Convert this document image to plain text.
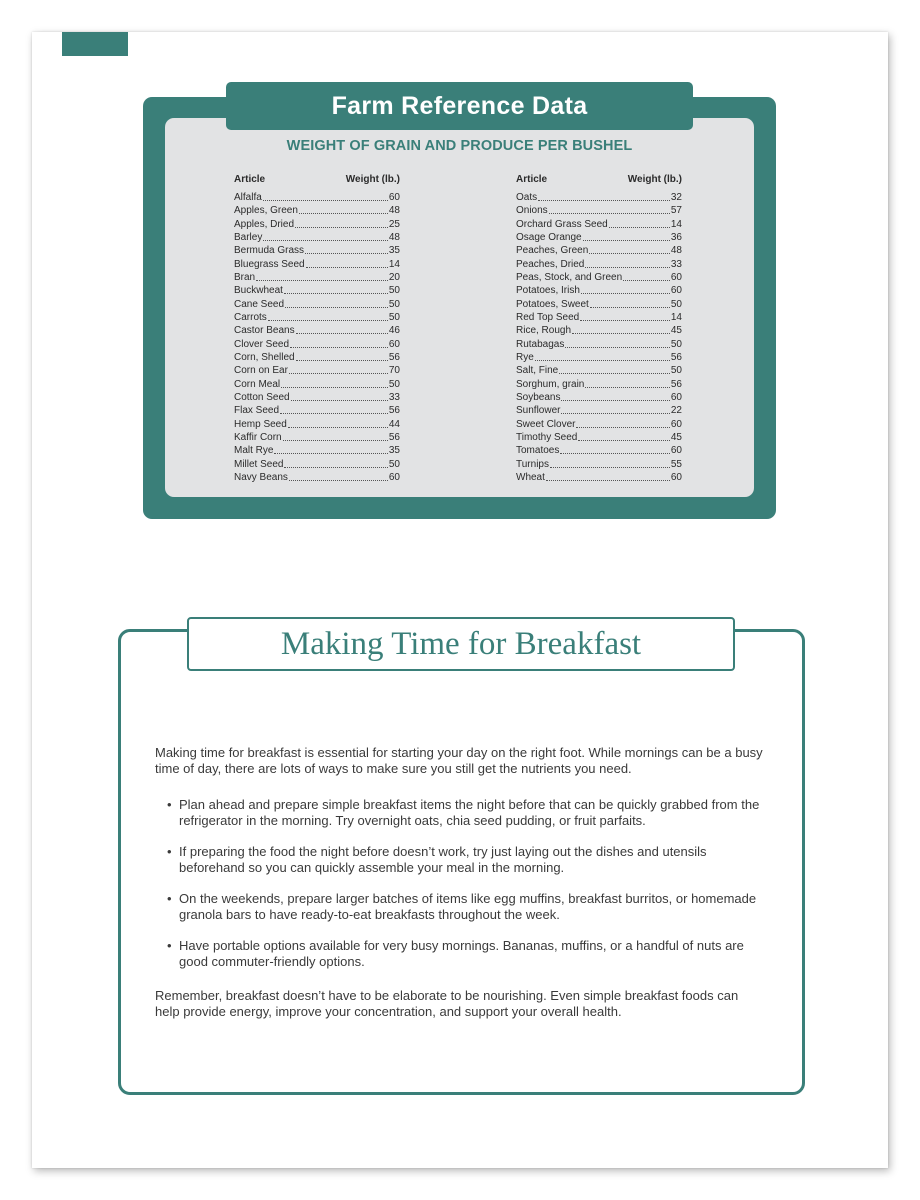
WEIGHT OF GRAIN AND PRODUCE PER BUSHEL
Article	Weight (lb.)
Alfalfa	60
Apples, Green	48
Apples, Dried	25
Barley	48
Bermuda Grass	35
Bluegrass Seed	14
Bran	20
Buckwheat	50
Cane Seed	50
Carrots	50
Castor Beans	46
Clover Seed	60
Corn, Shelled	56
Corn on Ear	70
Corn Meal	50
Cotton Seed	33
Flax Seed	56
Hemp Seed	44
Kaffir Corn	56
Malt Rye	35
Millet Seed	50
Navy Beans	60
Article	Weight (lb.)
Oats	32
Onions	57
Orchard Grass Seed	14
Osage Orange	36
Peaches, Green	48
Peaches, Dried	33
Peas, Stock, and Green	60
Potatoes, Irish	60
Potatoes, Sweet	50
Red Top Seed	14
Rice, Rough	45
Rutabagas	50
Rye	56
Salt, Fine	50
Sorghum, grain	56
Soybeans	60
Sunflower	22
Sweet Clover	60
Timothy Seed	45
Tomatoes	60
Turnips	55
Wheat	60
Farm Reference Data
Making Time for Breakfast

Making time for breakfast is essential for starting your day on the right foot. While mornings can be a busy time of day, there are lots of ways to make sure you still get the nutrients you need.

• Plan ahead and prepare simple breakfast items the night before that can be quickly grabbed from the refrigerator in the morning. Try overnight oats, chia seed pudding, or fruit parfaits.
• If preparing the food the night before doesn’t work, try just laying out the dishes and utensils beforehand so you can quickly assemble your meal in the morning.
• On the weekends, prepare larger batches of items like egg muffins, breakfast burritos, or homemade granola bars to have ready-to-eat breakfasts throughout the week.
• Have portable options available for very busy mornings. Bananas, muffins, or a handful of nuts are good commuter-friendly options.

Remember, breakfast doesn’t have to be elaborate to be nourishing. Even simple breakfast foods can help provide energy, improve your concentration, and support your overall health.
